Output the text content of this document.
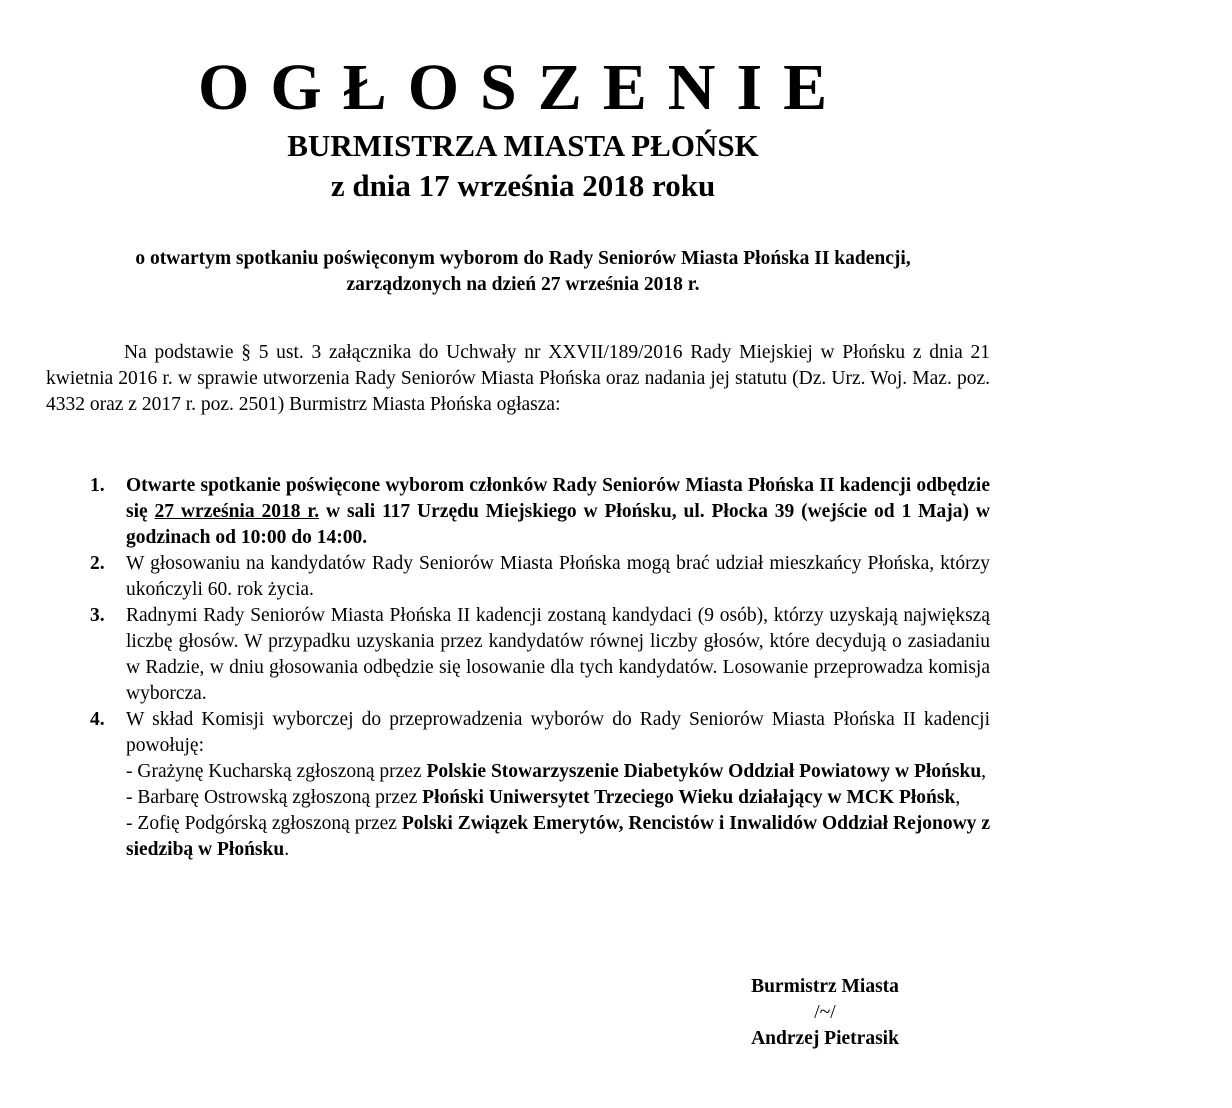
OGŁOSZENIE
BURMISTRZA MIASTA PŁOŃSK
z dnia 17 września 2018 roku
o otwartym spotkaniu poświęconym wyborom do Rady Seniorów Miasta Płońska II kadencji,
zarządzonych na dzień 27 września 2018 r.

Na podstawie § 5 ust. 3 załącznika do Uchwały nr XXVII/189/2016 Rady Miejskiej w Płońsku z dnia 21 kwietnia 2016 r. w sprawie utworzenia Rady Seniorów Miasta Płońska oraz nadania jej statutu (Dz. Urz. Woj. Maz. poz. 4332 oraz z 2017 r. poz. 2501) Burmistrz Miasta Płońska ogłasza:

1. Otwarte spotkanie poświęcone wyborom członków Rady Seniorów Miasta Płońska II kadencji odbędzie się 27 września 2018 r. w sali 117 Urzędu Miejskiego w Płońsku, ul. Płocka 39 (wejście od 1 Maja) w godzinach od 10:00 do 14:00.

2. W głosowaniu na kandydatów Rady Seniorów Miasta Płońska mogą brać udział mieszkańcy Płońska, którzy ukończyli 60. rok życia.

3. Radnymi Rady Seniorów Miasta Płońska II kadencji zostaną kandydaci (9 osób), którzy uzyskają największą liczbę głosów. W przypadku uzyskania przez kandydatów równej liczby głosów, które decydują o zasiadaniu w Radzie, w dniu głosowania odbędzie się losowanie dla tych kandydatów. Losowanie przeprowadza komisja wyborcza.

4. W skład Komisji wyborczej do przeprowadzenia wyborów do Rady Seniorów Miasta Płońska II kadencji powołuję:

- Grażynę Kucharską zgłoszoną przez Polskie Stowarzyszenie Diabetyków Oddział Powiatowy w Płońsku,

- Barbarę Ostrowską zgłoszoną przez Płoński Uniwersytet Trzeciego Wieku działający w MCK Płońsk,

- Zofię Podgórską zgłoszoną przez Polski Związek Emerytów, Rencistów i Inwalidów Oddział Rejonowy z siedzibą w Płońsku.

Burmistrz Miasta
/~/
Andrzej Pietrasik
